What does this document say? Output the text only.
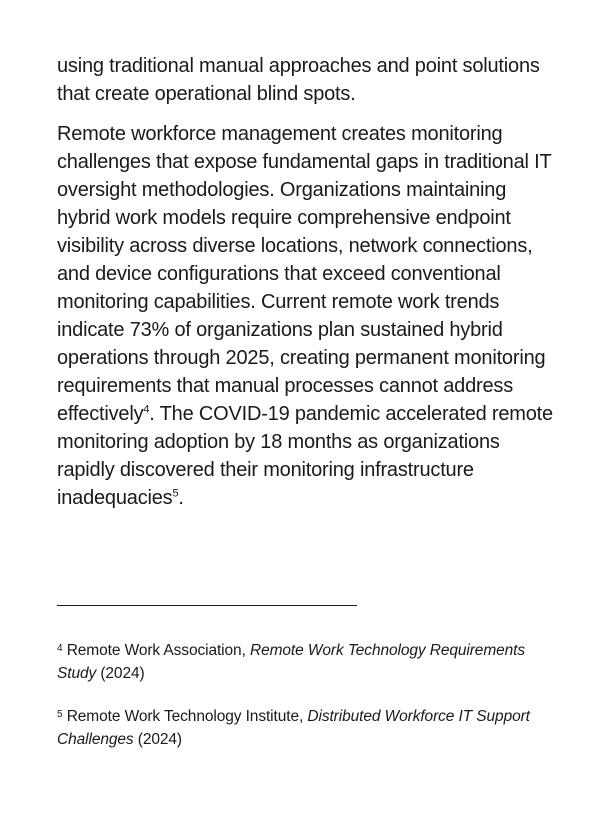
using traditional manual approaches and point solutions that create operational blind spots.

Remote workforce management creates monitoring challenges that expose fundamental gaps in traditional IT oversight methodologies. Organizations maintaining hybrid work models require comprehensive endpoint visibility across diverse locations, network connections, and device configurations that exceed conventional monitoring capabilities. Current remote work trends indicate 73% of organizations plan sustained hybrid operations through 2025, creating permanent monitoring requirements that manual processes cannot address effectively$^4$. The COVID-19 pandemic accelerated remote monitoring adoption by 18 months as organizations rapidly discovered their monitoring infrastructure inadequacies$^5$.

$^4$ Remote Work Association, Remote Work Technology Requirements Study (2024)

$^5$ Remote Work Technology Institute, Distributed Workforce IT Support Challenges (2024)
